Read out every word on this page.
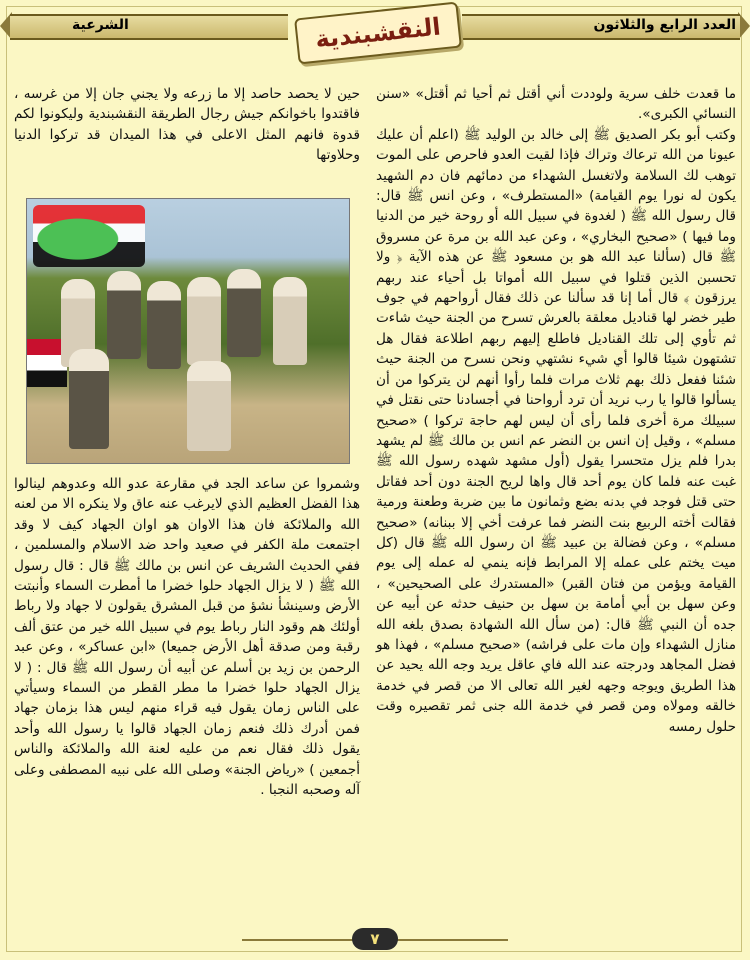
العدد الرابع والثلاثون
الشرعية	النقشبندية

ما قعدت خلف سرية ولوددت أني أقتل ثم أحيا ثم أقتل» «سنن النسائي الكبرى».

وكتب أبو بكر الصديق ﷺ إلى خالد بن الوليد ﷺ (اعلم أن عليك عيونا من الله ترعاك وتراك فإذا لقيت العدو فاحرص على الموت توهب لك السلامة ولاتغسل الشهداء من دمائهم فان دم الشهيد يكون له نورا يوم القيامة) «المستطرف» ، وعن انس ﷺ قال: قال رسول الله ﷺ ( لغدوة في سبيل الله أو روحة خير من الدنيا وما فيها ) «صحيح البخاري» ، وعن عبد الله بن مرة عن مسروق ﷺ قال (سألنا عبد الله هو بن مسعود ﷺ عن هذه الآية ﴿ ولا تحسبن الذين قتلوا في سبيل الله أمواتا بل أحياء عند ربهم يرزقون ﴾ قال أما إنا قد سألنا عن ذلك فقال أرواحهم في جوف طير خضر لها قناديل معلقة بالعرش تسرح من الجنة حيث شاءت ثم تأوي إلى تلك القناديل فاطلع إليهم ربهم اطلاعة فقال هل تشتهون شيئا قالوا أي شيء نشتهي ونحن نسرح من الجنة حيث شئنا ففعل ذلك بهم ثلاث مرات فلما رأوا أنهم لن يتركوا من أن يسألوا قالوا يا رب نريد أن ترد أرواحنا في أجسادنا حتى نقتل في سبيلك مرة أخرى فلما رأى أن ليس لهم حاجة تركوا ) «صحيح مسلم» ، وقيل إن انس بن النضر عم انس بن مالك ﷺ لم يشهد بدرا فلم يزل متحسرا يقول (أول مشهد شهده رسول الله ﷺ غبت عنه فلما كان يوم أحد قال واها لريح الجنة دون أحد فقاتل حتى قتل فوجد في بدنه بضع وثمانون ما بين ضربة وطعنة ورمية فقالت أخته الربيع بنت النضر فما عرفت أخي إلا ببنانه) «صحيح مسلم» ، وعن فضالة بن عبيد ﷺ ان رسول الله ﷺ قال (كل ميت يختم على عمله إلا المرابط فإنه ينمي له عمله إلى يوم القيامة ويؤمن من فتان القبر) «المستدرك على الصحيحين» ، وعن سهل بن أبي أمامة بن سهل بن حنيف حدثه عن أبيه عن جده أن النبي ﷺ قال: (من سأل الله الشهادة بصدق بلغه الله منازل الشهداء وإن مات على فراشه) «صحيح مسلم» ، فهذا هو فضل المجاهد ودرجته عند الله فاي عاقل يريد وجه الله يحيد عن هذا الطريق ويوجه وجهه لغير الله تعالى الا من قصر في خدمة خالقه ومولاه ومن قصر في خدمة الله جنى ثمر تقصيره وقت حلول رمسه

حين لا يحصد حاصد إلا ما زرعه ولا يجني جان إلا من غرسه ، فاقتدوا باخوانكم جيش رجال الطريقة النقشبندية وليكونوا لكم قدوة فانهم المثل الاعلى في هذا الميدان قد تركوا الدنيا وحلاوتها

وشمروا عن ساعد الجد في مقارعة عدو الله وعدوهم لينالوا هذا الفضل العظيم الذي لايرغب عنه عاق ولا ينكره الا من لعنه الله والملائكة فان هذا الاوان هو اوان الجهاد كيف لا وقد اجتمعت ملة الكفر في صعيد واحد ضد الاسلام والمسلمين ، ففي الحديث الشريف عن انس بن مالك ﷺ قال : قال رسول الله ﷺ ( لا يزال الجهاد حلوا خضرا ما أمطرت السماء وأنبتت الأرض وسينشأ نشؤ من قبل المشرق يقولون لا جهاد ولا رباط أولئك هم وقود النار رباط يوم في سبيل الله خير من عتق ألف رقبة ومن صدقة أهل الأرض جميعا) «ابن عساكر» ، وعن عبد الرحمن بن زيد بن أسلم عن أبيه أن رسول الله ﷺ قال : ( لا يزال الجهاد حلوا خضرا ما مطر القطر من السماء وسيأتي على الناس زمان يقول فيه قراء منهم ليس هذا بزمان جهاد فمن أدرك ذلك فنعم زمان الجهاد قالوا يا رسول الله وأحد يقول ذلك فقال نعم من عليه لعنة الله والملائكة والناس أجمعين ) «رياض الجنة» وصلى الله على نبيه المصطفى وعلى آله وصحبه النجبا .

٧
